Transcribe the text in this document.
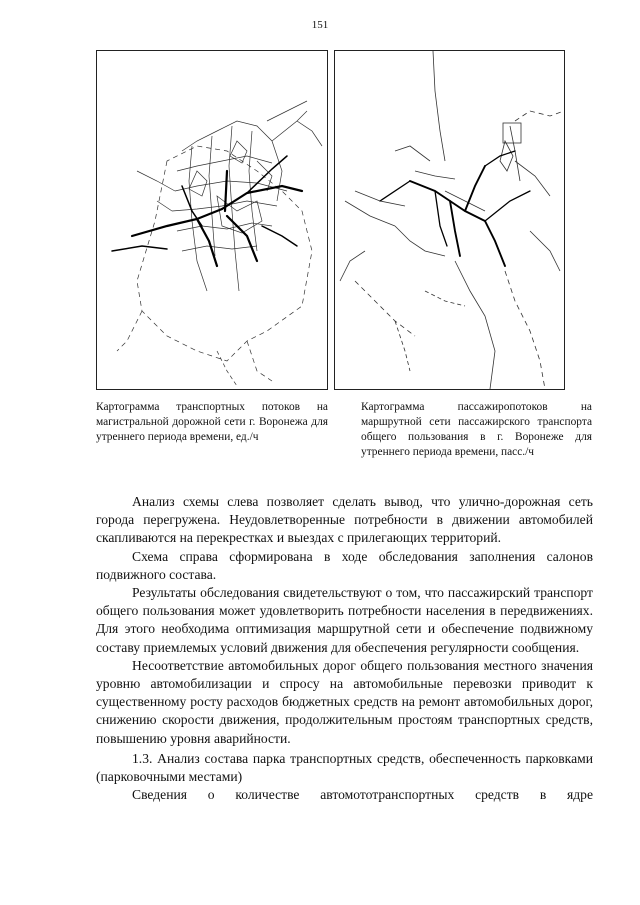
151
Картограмма транспортных потоков на магистральной дорожной сети г. Воронежа для утреннего периода времени, ед./ч
Картограмма пассажиропотоков на маршрутной сети пассажирского транспорта общего пользования в г. Воронеже для утреннего периода времени, пасс./ч

Анализ схемы слева позволяет сделать вывод, что улично-дорожная сеть города перегружена. Неудовлетворенные потребности в движении автомобилей скапливаются на перекрестках и выездах с прилегающих территорий.

Схема справа сформирована в ходе обследования заполнения салонов подвижного состава.

Результаты обследования свидетельствуют о том, что пассажирский транспорт общего пользования может удовлетворить потребности населения в передвижениях. Для этого необходима оптимизация маршрутной сети и обеспечение подвижному составу приемлемых условий движения для обеспечения регулярности сообщения.

Несоответствие автомобильных дорог общего пользования местного значения уровню автомобилизации и спросу на автомобильные перевозки приводит к существенному росту расходов бюджетных средств на ремонт автомобильных дорог, снижению скорости движения, продолжительным простоям транспортных средств, повышению уровня аварийности.

1.3. Анализ состава парка транспортных средств, обеспеченность парковками (парковочными местами)

Сведения о количестве автомототранспортных средств в ядре
